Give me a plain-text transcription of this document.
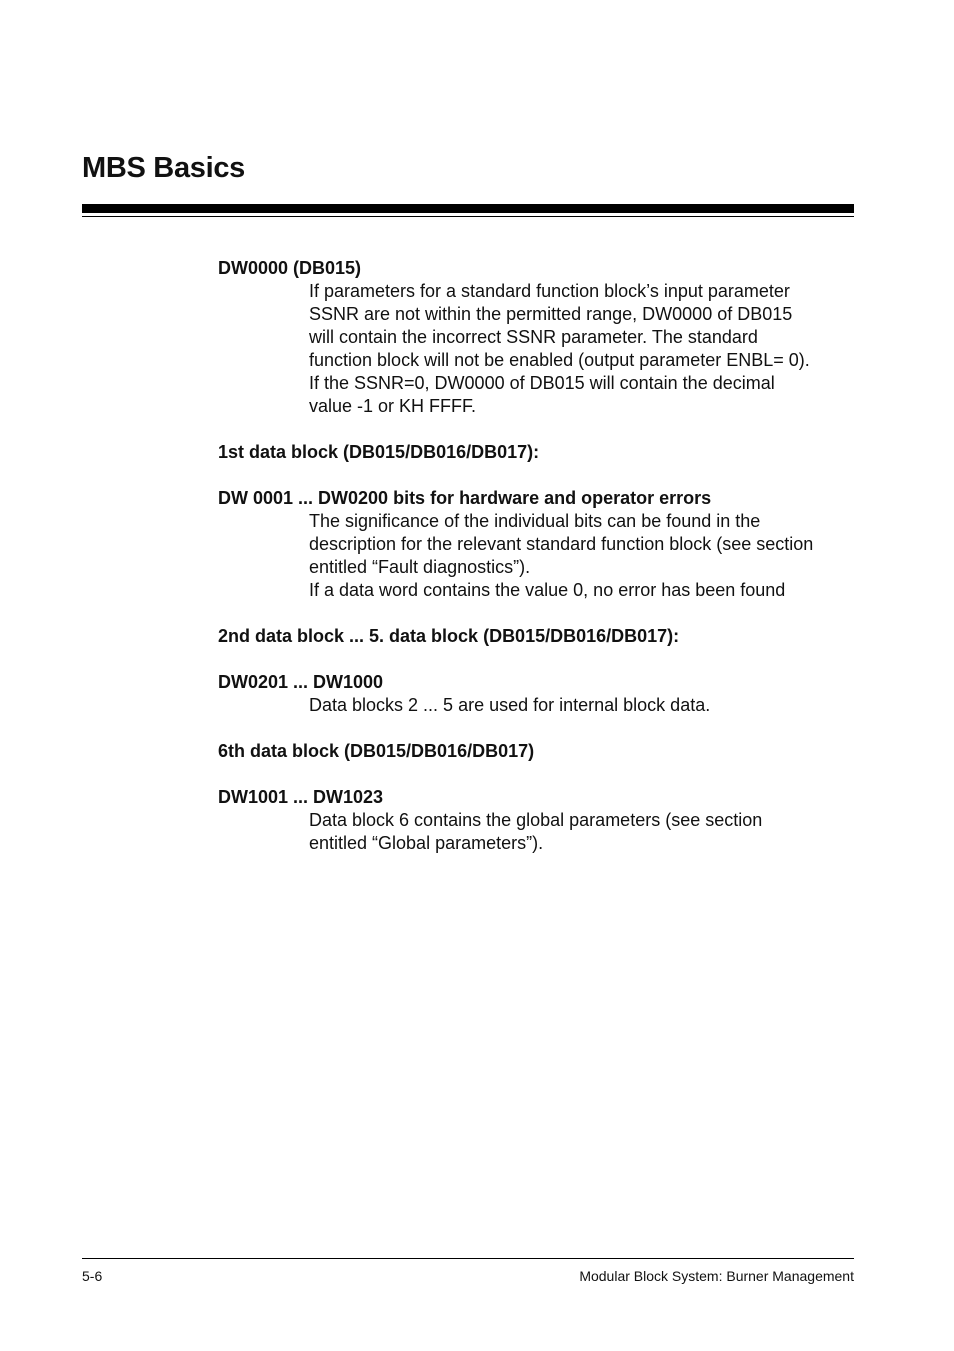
MBS Basics

DW0000 (DB015)

If parameters for a standard function block’s input parameter

SSNR are not within the permitted range, DW0000 of DB015

will contain the incorrect SSNR parameter. The standard

function block will not be enabled (output parameter ENBL= 0).

If the SSNR=0, DW0000 of DB015 will contain the decimal

value -1 or KH FFFF.

1st data block (DB015/DB016/DB017):

DW 0001 ... DW0200 bits for hardware and operator errors

The significance of the individual bits can be found in the

description for the relevant standard function block (see section

entitled “Fault diagnostics”).

If a data word contains the value 0, no error has been found

2nd data block ... 5. data block (DB015/DB016/DB017):

DW0201 ... DW1000

Data blocks 2 ... 5 are used for internal block data.

6th data block (DB015/DB016/DB017)

DW1001 ... DW1023

Data block 6 contains the global parameters (see section

entitled “Global parameters”).

5-6	Modular Block System: Burner Management
